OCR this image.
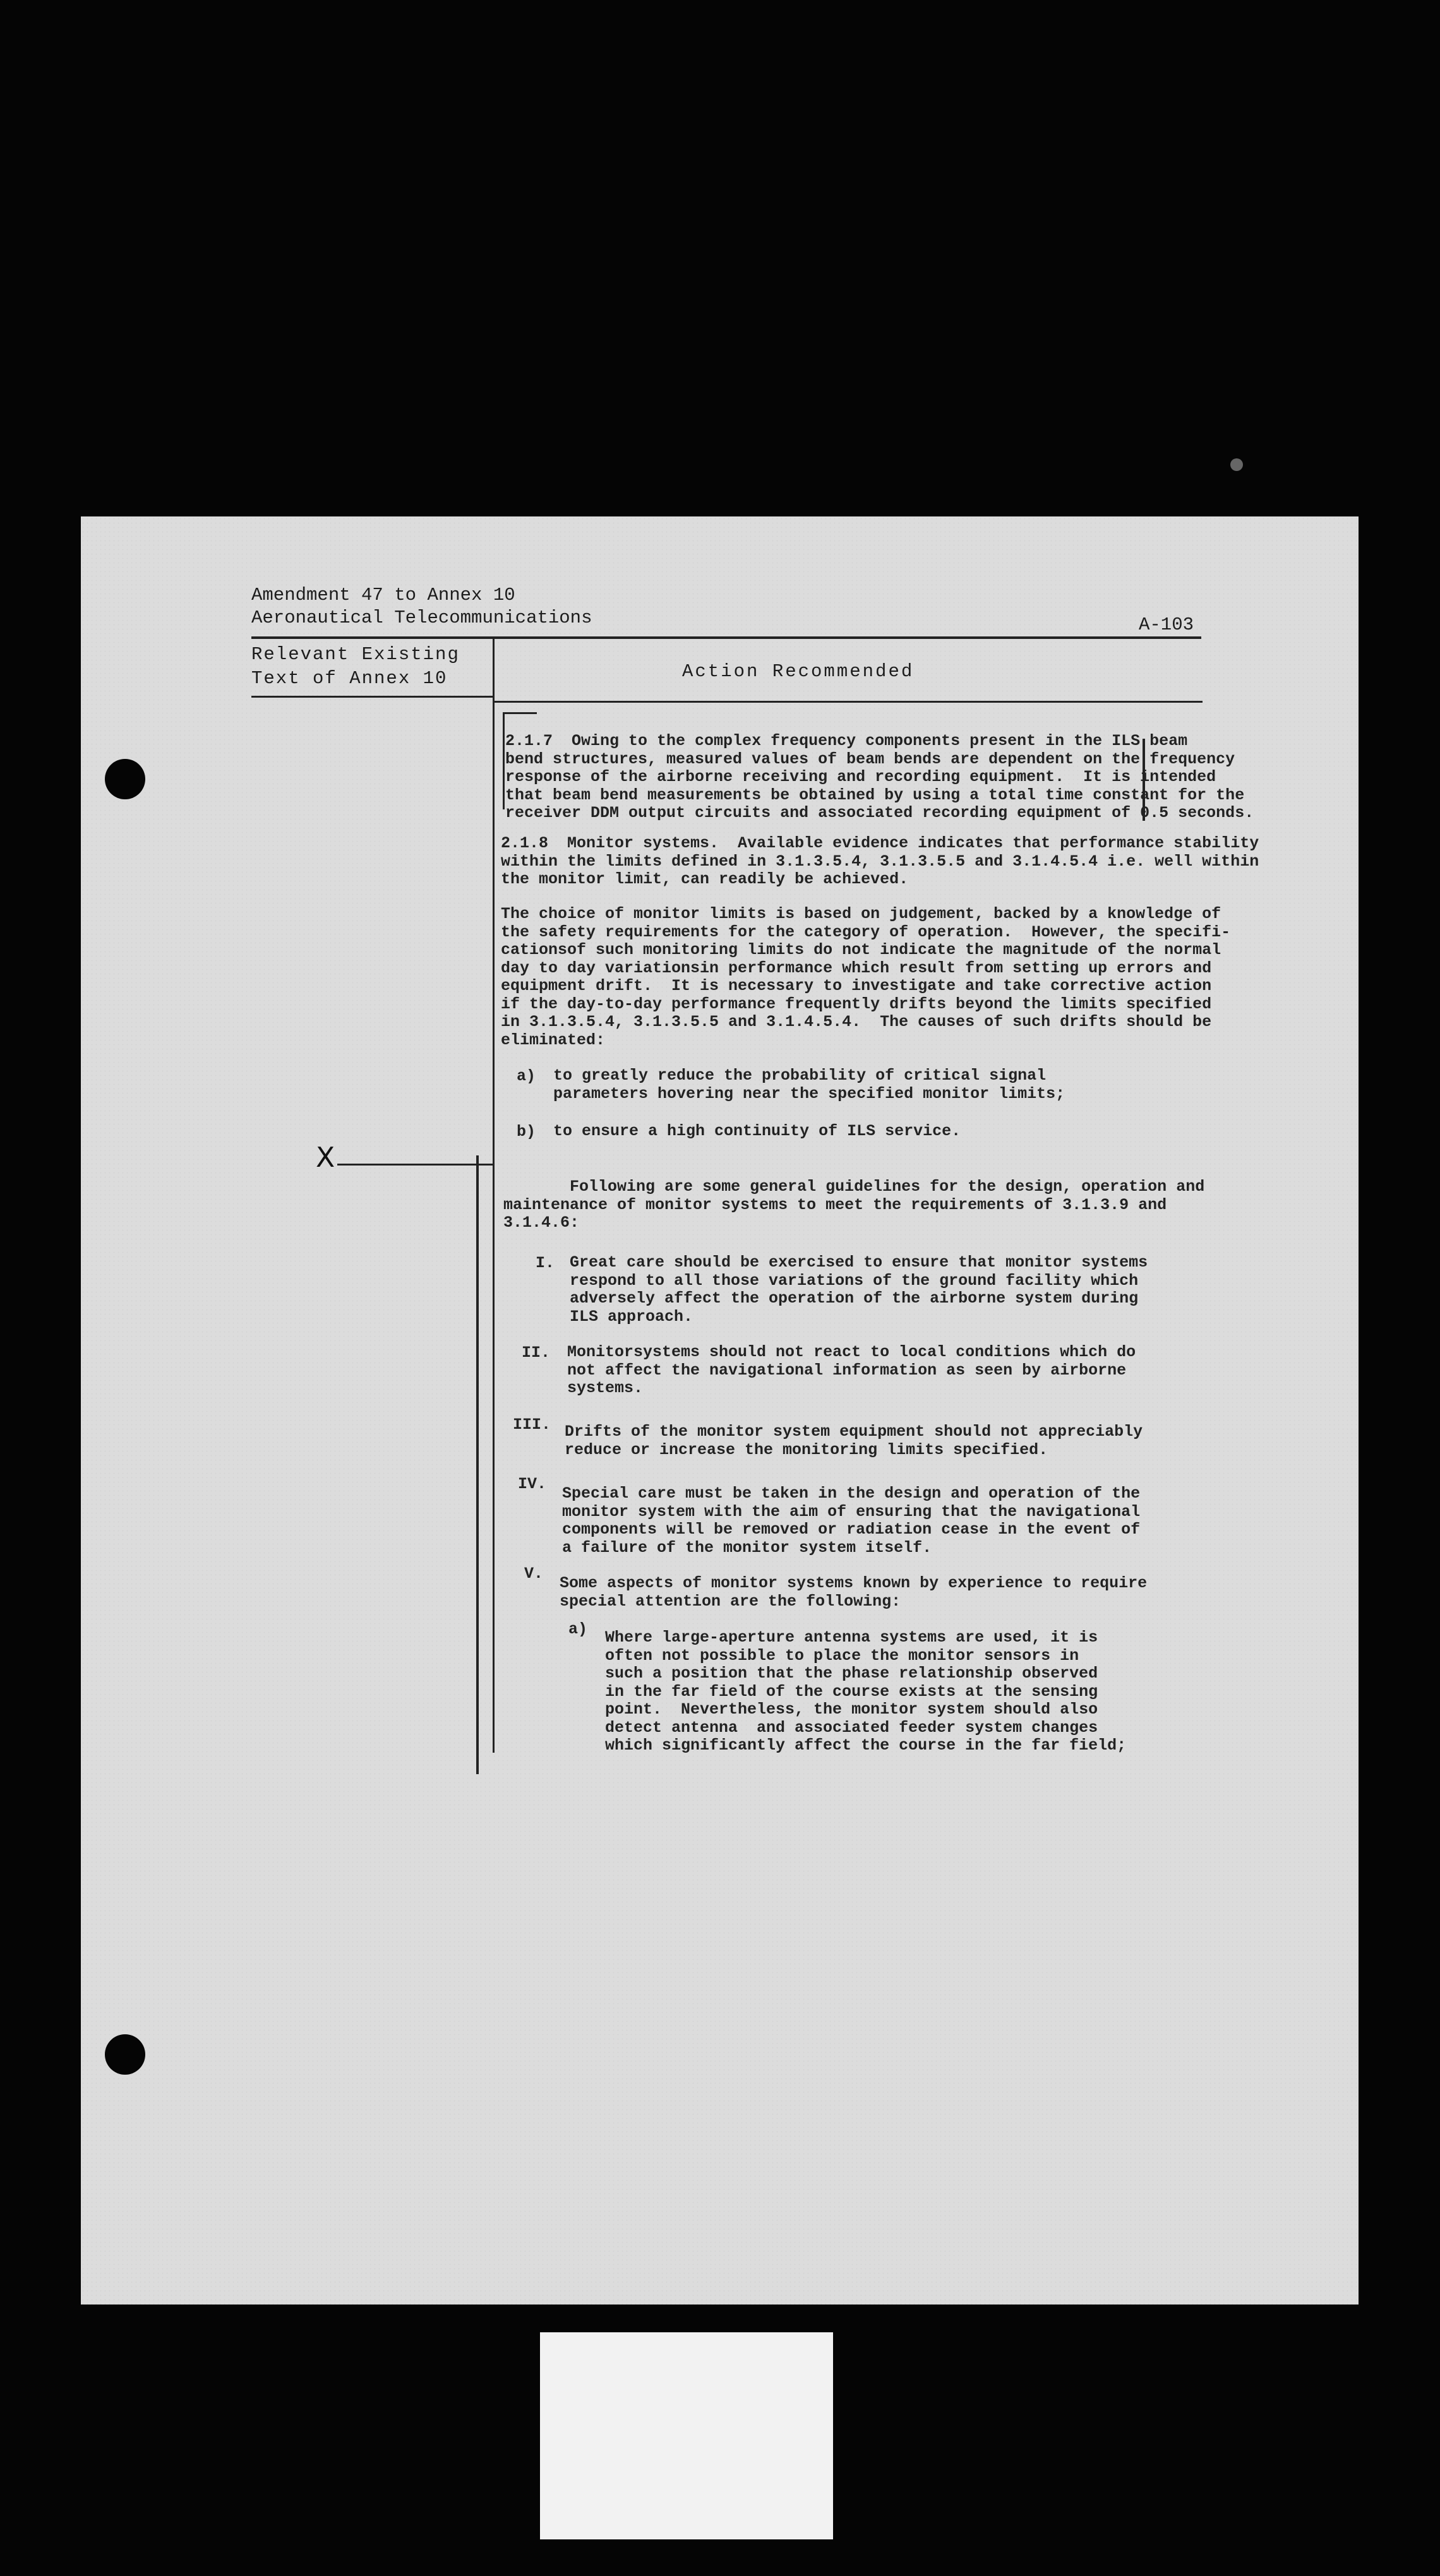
Amendment 47 to Annex 10
Aeronautical Telecommunications	A-103
Relevant Existing
Text of Annex 10	Action Recommended
X
2.1.7  Owing to the complex frequency components present in the ILS beam
bend structures, measured values of beam bends are dependent on the frequency
response of the airborne receiving and recording equipment.  It is intended
that beam bend measurements be obtained by using a total time constant for the
receiver DDM output circuits and associated recording equipment of 0.5 seconds.
2.1.8  Monitor systems.  Available evidence indicates that performance stability
within the limits defined in 3.1.3.5.4, 3.1.3.5.5 and 3.1.4.5.4 i.e. well within
the monitor limit, can readily be achieved.
The choice of monitor limits is based on judgement, backed by a knowledge of
the safety requirements for the category of operation.  However, the specifi-
cationsof such monitoring limits do not indicate the magnitude of the normal
day to day variationsin performance which result from setting up errors and
equipment drift.  It is necessary to investigate and take corrective action
if the day-to-day performance frequently drifts beyond the limits specified
in 3.1.3.5.4, 3.1.3.5.5 and 3.1.4.5.4.  The causes of such drifts should be
eliminated:
a) to greatly reduce the probability of critical signal
parameters hovering near the specified monitor limits;
b) to ensure a high continuity of ILS service.
Following are some general guidelines for the design, operation and
maintenance of monitor systems to meet the requirements of 3.1.3.9 and
3.1.4.6:
I. Great care should be exercised to ensure that monitor systems
respond to all those variations of the ground facility which
adversely affect the operation of the airborne system during
ILS approach.
II. Monitorsystems should not react to local conditions which do
not affect the navigational information as seen by airborne
systems.
III. Drifts of the monitor system equipment should not appreciably
reduce or increase the monitoring limits specified.
IV.
Special care must be taken in the design and operation of the
monitor system with the aim of ensuring that the navigational
components will be removed or radiation cease in the event of
a failure of the monitor system itself.
V.
Some aspects of monitor systems known by experience to require
special attention are the following:
a) Where large-aperture antenna systems are used, it is
often not possible to place the monitor sensors in
such a position that the phase relationship observed
in the far field of the course exists at the sensing
point.  Nevertheless, the monitor system should also
detect antenna  and associated feeder system changes
which significantly affect the course in the far field;
